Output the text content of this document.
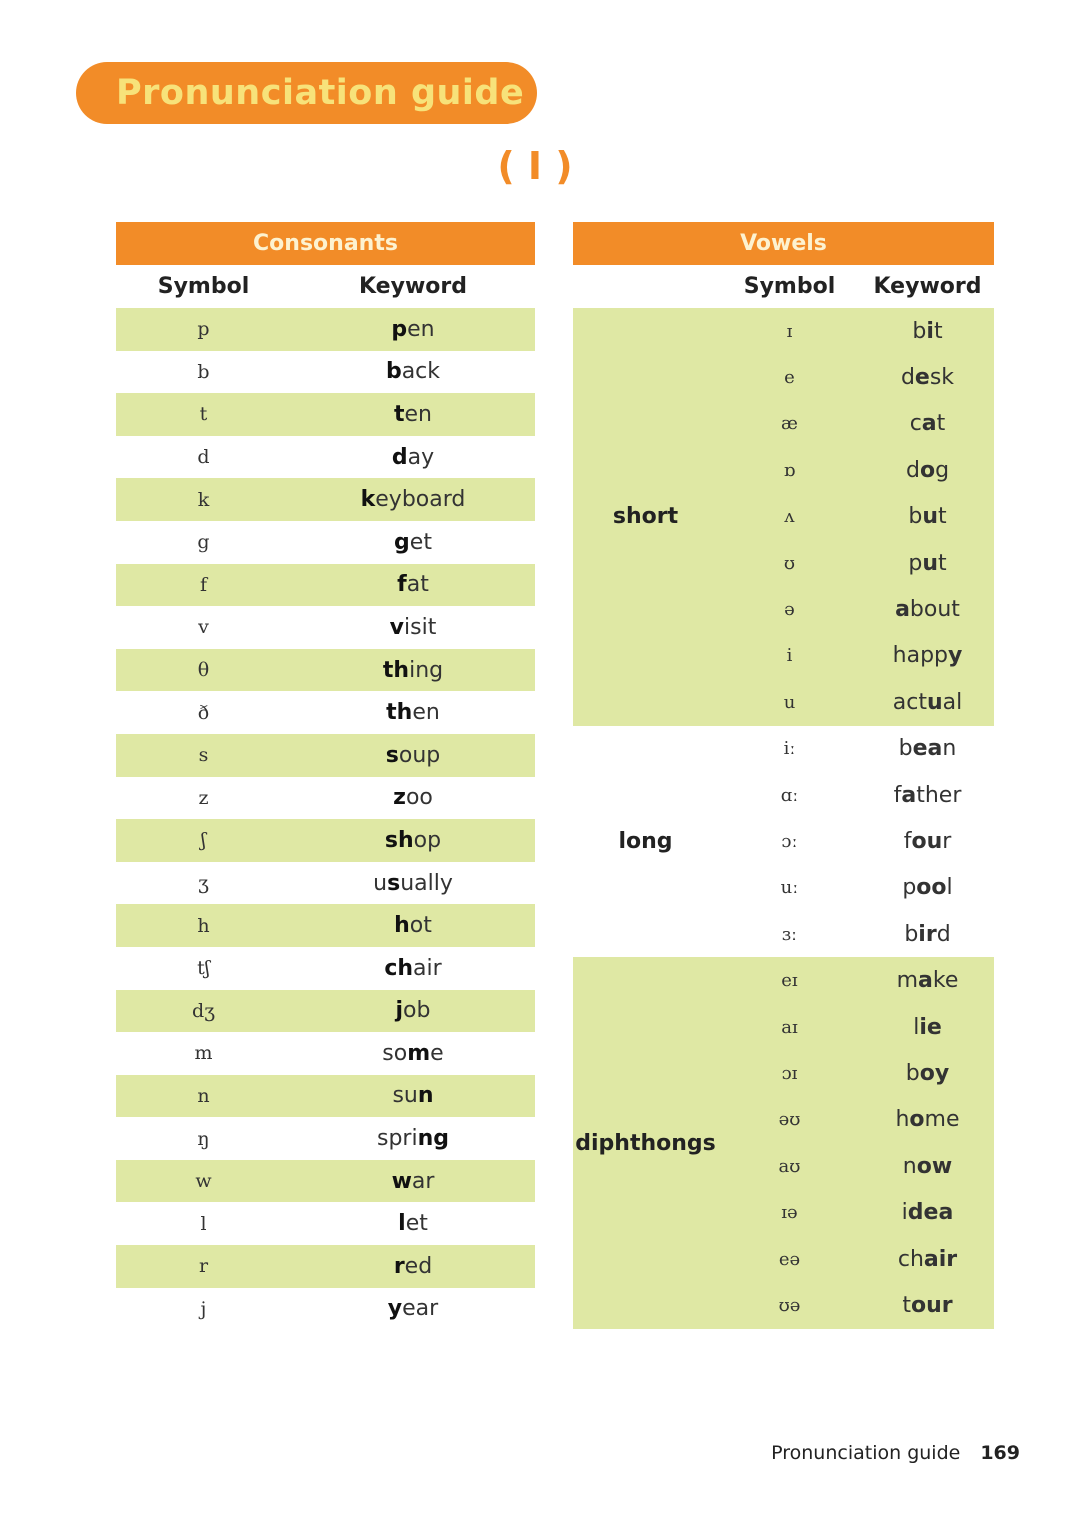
Pronunciation guide
( I )
Consonants
Symbol	Keyword
p	pen
b	back
t	ten
d	day
k	keyboard
g	get
f	fat
v	visit
θ	thing
ð	then
s	soup
z	zoo
ʃ	shop
ʒ	usually
h	hot
tʃ	chair
dʒ	job
m	some
n	sun
ŋ	spring
w	war
l	let
r	red
j	year
Vowels
Symbol	Keyword
short
ɪ	bit
e	desk
æ	cat
ɒ	dog
ʌ	but
ʊ	put
ə	about
i	happy
u	actual
long
iː	bean
ɑː	father
ɔː	four
uː	pool
ɜː	bird
diphthongs
eɪ	make
aɪ	lie
ɔɪ	boy
əʊ	home
aʊ	now
ɪə	idea
eə	chair
ʊə	tour
Pronunciation guide 169
